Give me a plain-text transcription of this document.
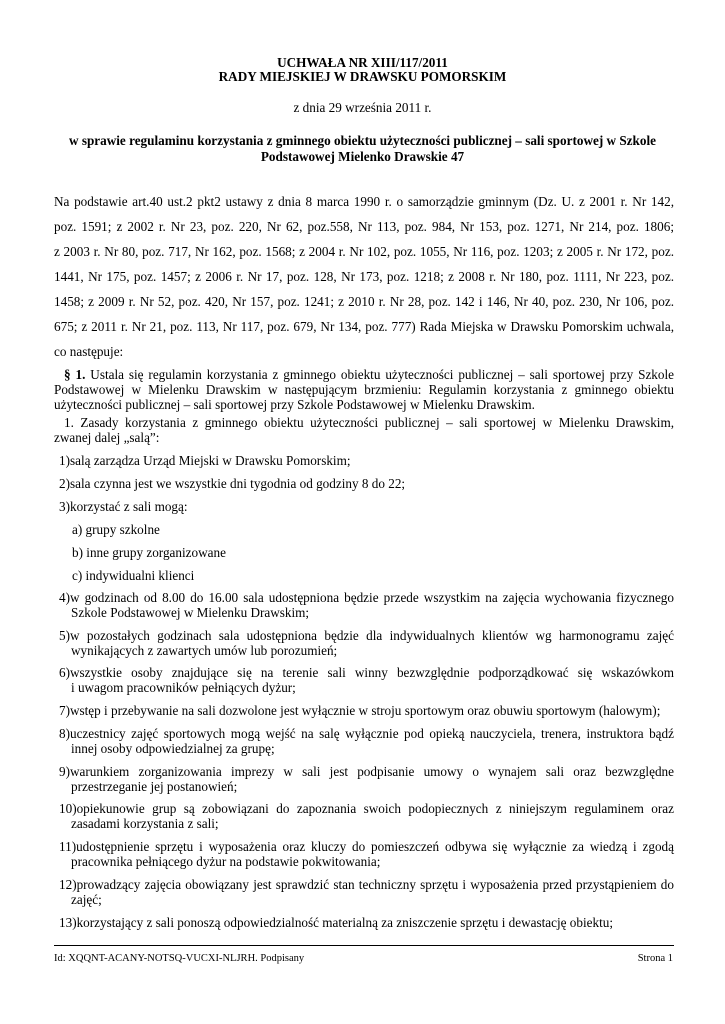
UCHWAŁA NR XIII/117/2011
RADY MIEJSKIEJ W DRAWSKU POMORSKIM
z dnia 29 września 2011 r.
w sprawie regulaminu korzystania z gminnego obiektu użyteczności publicznej – sali sportowej w Szkole
Podstawowej Mielenko Drawskie 47
Na podstawie art.40 ust.2 pkt2 ustawy z dnia 8 marca 1990 r. o samorządzie gminnym (Dz. U. z 2001 r. Nr 142,
poz. 1591; z 2002 r. Nr 23, poz. 220, Nr 62, poz.558, Nr 113, poz. 984, Nr 153, poz. 1271, Nr 214, poz. 1806;
z 2003 r. Nr 80, poz. 717, Nr 162, poz. 1568; z 2004 r. Nr 102, poz. 1055, Nr 116, poz. 1203; z 2005 r. Nr 172, poz.
1441, Nr 175, poz. 1457; z 2006 r. Nr 17, poz. 128, Nr 173, poz. 1218; z 2008 r. Nr 180, poz. 1111, Nr 223, poz.
1458; z 2009 r. Nr 52, poz. 420, Nr 157, poz. 1241; z 2010 r. Nr 28, poz. 142 i 146, Nr 40, poz. 230, Nr 106, poz.
675; z 2011 r. Nr 21, poz. 113, Nr 117, poz. 679, Nr 134, poz. 777) Rada Miejska w Drawsku Pomorskim uchwala,
co następuje:
§ 1. Ustala się regulamin korzystania z gminnego obiektu użyteczności publicznej – sali sportowej przy Szkole
Podstawowej w Mielenku Drawskim w następującym brzmieniu: Regulamin korzystania z gminnego obiektu
użyteczności publicznej – sali sportowej przy Szkole Podstawowej w Mielenku Drawskim.
1. Zasady korzystania z gminnego obiektu użyteczności publicznej – sali sportowej w Mielenku Drawskim,
zwanej dalej „salą”:
1)salą zarządza Urząd Miejski w Drawsku Pomorskim;
2)sala czynna jest we wszystkie dni tygodnia od godziny 8 do 22;
3)korzystać z sali mogą:
a) grupy szkolne
b) inne grupy zorganizowane
c) indywidualni klienci
4)w godzinach od 8.00 do 16.00 sala udostępniona będzie przede wszystkim na zajęcia wychowania fizycznego
Szkole Podstawowej w Mielenku Drawskim;
5)w pozostałych godzinach sala udostępniona będzie dla indywidualnych klientów wg harmonogramu zajęć
wynikających z zawartych umów lub porozumień;
6)wszystkie osoby znajdujące się na terenie sali winny bezwzględnie podporządkować się wskazówkom
i uwagom pracowników pełniących dyżur;
7)wstęp i przebywanie na sali dozwolone jest wyłącznie w stroju sportowym oraz obuwiu sportowym (halowym);
8)uczestnicy zajęć sportowych mogą wejść na salę wyłącznie pod opieką nauczyciela, trenera, instruktora bądź
innej osoby odpowiedzialnej za grupę;
9)warunkiem zorganizowania imprezy w sali jest podpisanie umowy o wynajem sali oraz bezwzględne
przestrzeganie jej postanowień;
10)opiekunowie grup są zobowiązani do zapoznania swoich podopiecznych z niniejszym regulaminem oraz
zasadami korzystania z sali;
11)udostępnienie sprzętu i wyposażenia oraz kluczy do pomieszczeń odbywa się wyłącznie za wiedzą i zgodą
pracownika pełniącego dyżur na podstawie pokwitowania;
12)prowadzący zajęcia obowiązany jest sprawdzić stan techniczny sprzętu i wyposażenia przed przystąpieniem do
zajęć;
13)korzystający z sali ponoszą odpowiedzialność materialną za zniszczenie sprzętu i dewastację obiektu;
Id: XQQNT-ACANY-NOTSQ-VUCXI-NLJRH. Podpisany	Strona 1
